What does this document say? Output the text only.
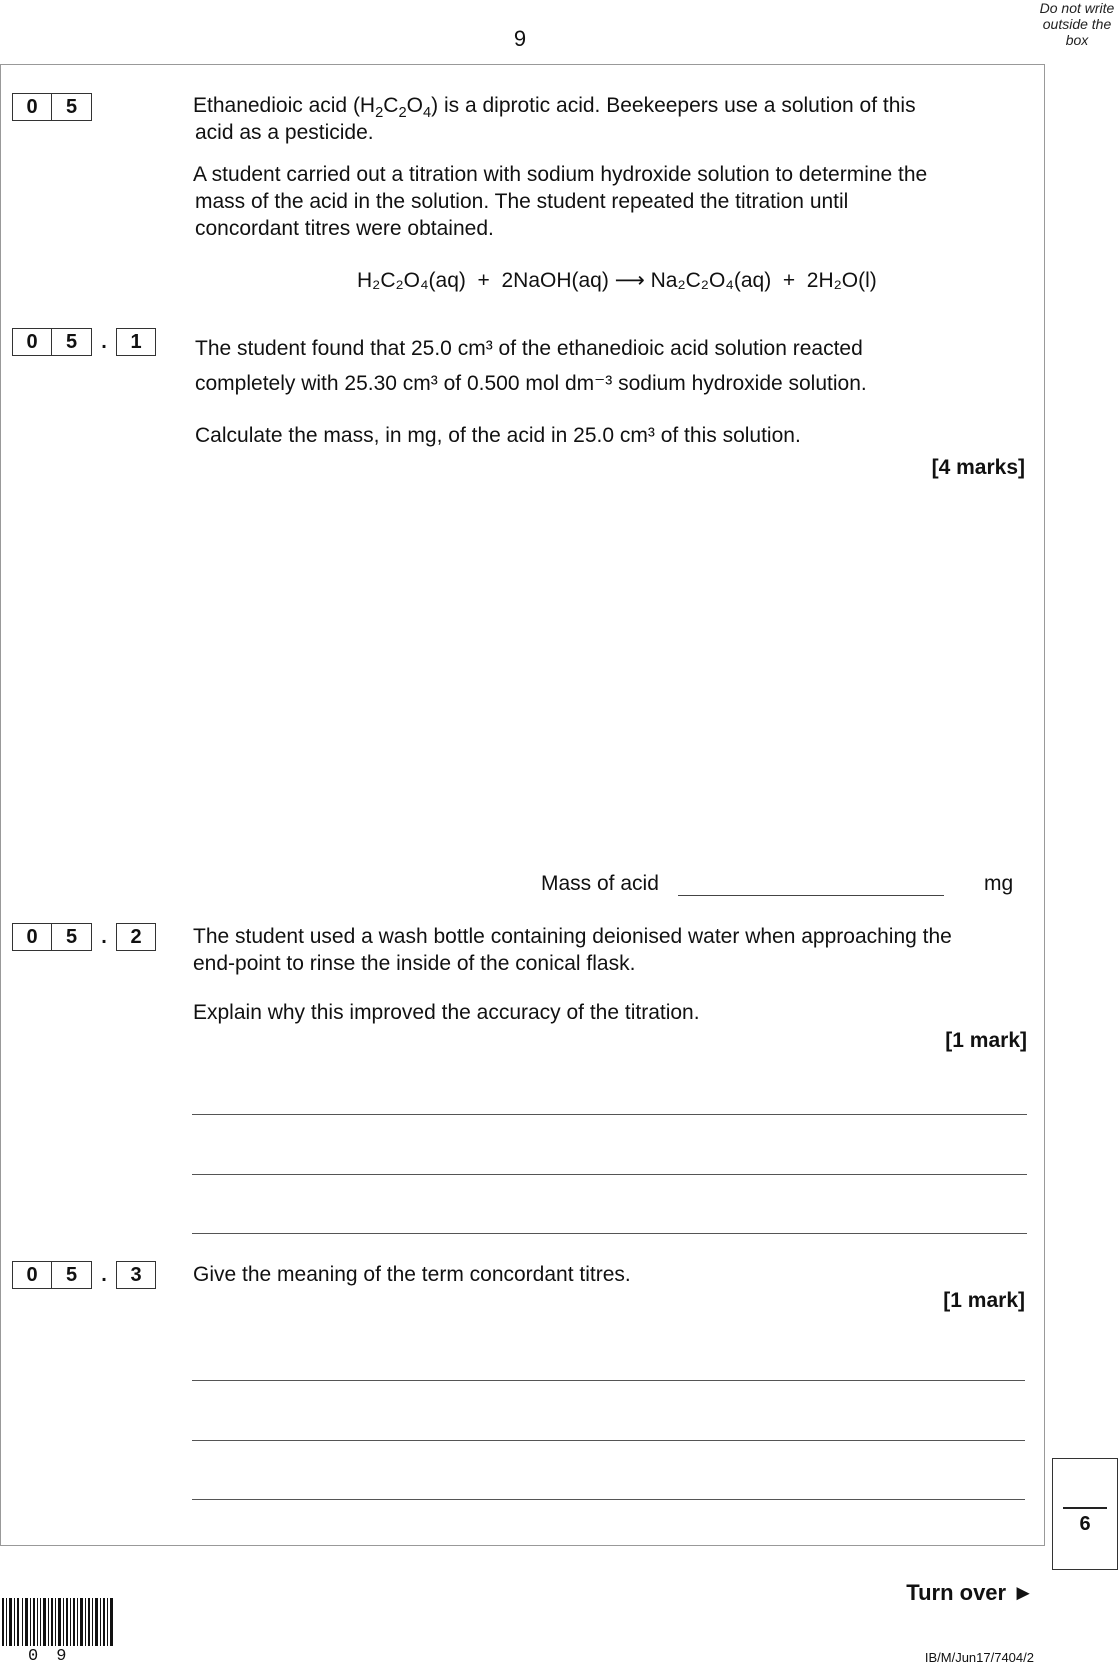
9
Do not write
outside the
box
0	5	Ethanedioic acid $(H_2C_2O_4)$ is a diprotic acid. Beekeepers use a solution of this
acid as a pesticide.
A student carried out a titration with sodium hydroxide solution to determine the
mass of the acid in the solution. The student repeated the titration until
concordant titres were obtained.
H₂C₂O₄(aq)  +  2NaOH(aq) ⟶ Na₂C₂O₄(aq)  +  2H₂O(l)
0	5	.	1	The student found that 25.0 cm³ of the ethanedioic acid solution reacted
completely with 25.30 cm³ of 0.500 mol dm⁻³ sodium hydroxide solution.
Calculate the mass, in mg, of the acid in 25.0 cm³ of this solution.
[4 marks]
Mass of acid	mg
0	5	.	2	The student used a wash bottle containing deionised water when approaching the
end-point to rinse the inside of the conical flask.
Explain why this improved the accuracy of the titration.
[1 mark]
0	5	.	3	Give the meaning of the term concordant titres.
[1 mark]
6
09
Turn over ►
IB/M/Jun17/7404/2
